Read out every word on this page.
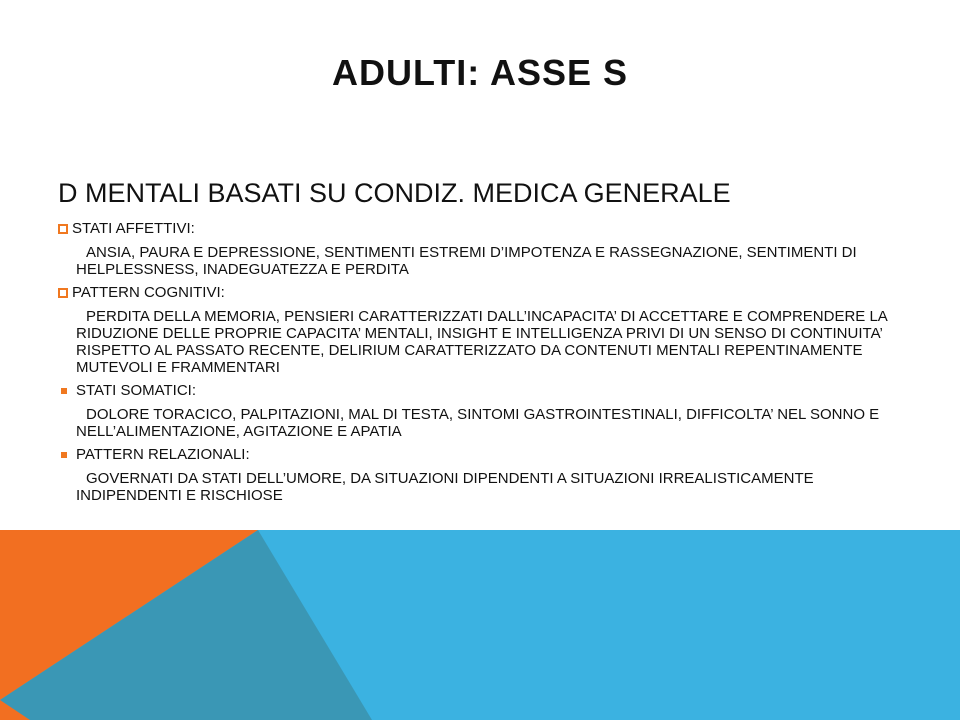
ADULTI: ASSE S
D MENTALI BASATI SU CONDIZ. MEDICA GENERALE
STATI AFFETTIVI:
ANSIA, PAURA E DEPRESSIONE, SENTIMENTI ESTREMI D’IMPOTENZA E RASSEGNAZIONE, SENTIMENTI DI HELPLESSNESS, INADEGUATEZZA E PERDITA
PATTERN COGNITIVI:
PERDITA DELLA MEMORIA, PENSIERI CARATTERIZZATI DALL’INCAPACITA’ DI ACCETTARE E COMPRENDERE LA RIDUZIONE DELLE PROPRIE CAPACITA’ MENTALI, INSIGHT E INTELLIGENZA PRIVI DI UN SENSO DI CONTINUITA’ RISPETTO AL PASSATO RECENTE, DELIRIUM CARATTERIZZATO DA CONTENUTI MENTALI REPENTINAMENTE MUTEVOLI E FRAMMENTARI
STATI SOMATICI:
DOLORE TORACICO, PALPITAZIONI, MAL DI TESTA, SINTOMI GASTROINTESTINALI, DIFFICOLTA’ NEL SONNO E NELL’ALIMENTAZIONE, AGITAZIONE E APATIA
PATTERN RELAZIONALI:
GOVERNATI DA STATI DELL’UMORE, DA SITUAZIONI DIPENDENTI A SITUAZIONI IRREALISTICAMENTE INDIPENDENTI E RISCHIOSE
